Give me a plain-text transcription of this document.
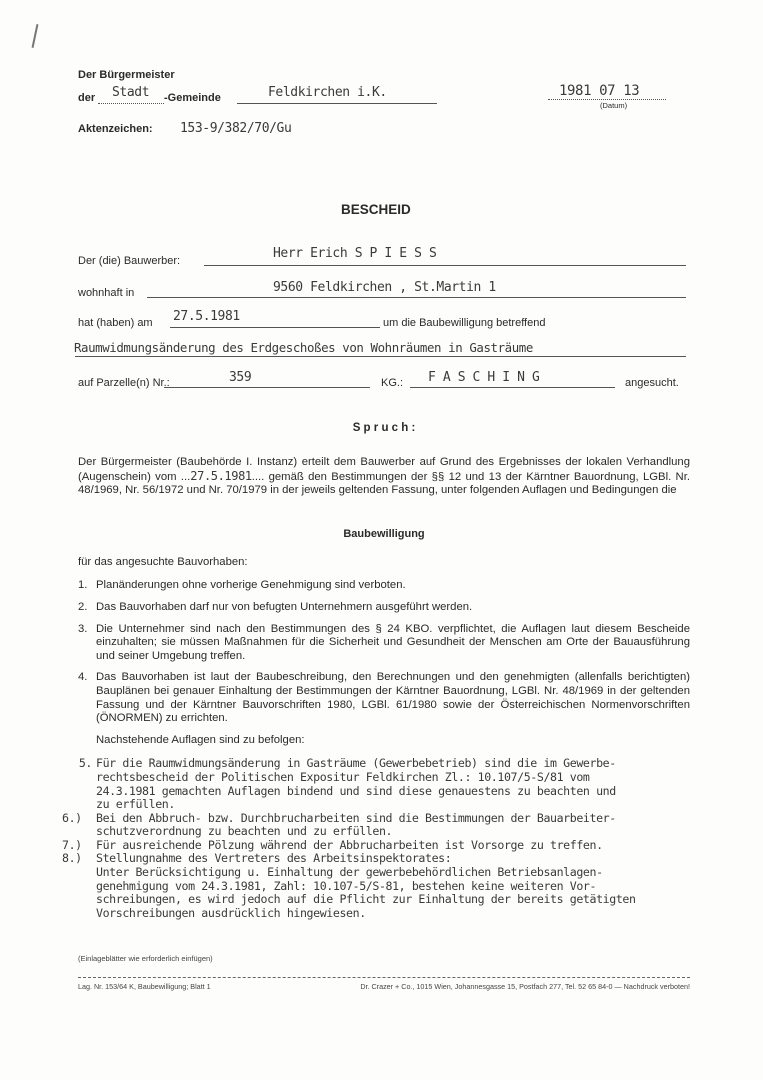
Der Bürgermeister
der Stadt -Gemeinde	Feldkirchen i.K.	1981 07 13
(Datum)
Aktenzeichen: 153-9/382/70/Gu
BESCHEID
Der (die) Bauwerber:	Herr Erich S P I E S S
wohnhaft in	9560 Feldkirchen , St.Martin 1
hat (haben) am 27.5.1981	um die Baubewilligung betreffend
Raumwidmungsänderung des Erdgeschoßes von Wohnräumen in Gasträume
auf Parzelle(n) Nr.:	359	KG.: F A S C H I N G	angesucht.
S p r u c h :
Der Bürgermeister (Baubehörde I. Instanz) erteilt dem Bauwerber auf Grund des Ergebnisses der lokalen Verhandlung (Augenschein) vom ...27.5.1981.... gemäß den Bestimmungen der §§ 12 und 13 der Kärntner Bauordnung, LGBl. Nr. 48/1969, Nr. 56/1972 und Nr. 70/1979 in der jeweils geltenden Fassung, unter folgenden Auflagen und Bedingungen die
Baubewilligung
für das angesuchte Bauvorhaben:
1. Planänderungen ohne vorherige Genehmigung sind verboten.
2. Das Bauvorhaben darf nur von befugten Unternehmern ausgeführt werden.
3. Die Unternehmer sind nach den Bestimmungen des § 24 KBO. verpflichtet, die Auflagen laut diesem Bescheide einzuhalten; sie müssen Maßnahmen für die Sicherheit und Gesundheit der Menschen am Orte der Bauausführung und seiner Umgebung treffen.
4. Das Bauvorhaben ist laut der Baubeschreibung, den Berechnungen und den genehmigten (allenfalls berichtigten) Bauplänen bei genauer Einhaltung der Bestimmungen der Kärntner Bauordnung, LGBl. Nr. 48/1969 in der geltenden Fassung und der Kärntner Bauvorschriften 1980, LGBl. 61/1980 sowie der Österreichischen Normenvorschriften (ÖNORMEN) zu errichten.
Nachstehende Auflagen sind zu befolgen:
5. Für die Raumwidmungsänderung in Gasträume (Gewerbebetrieb) sind die im Gewerbe-
rechtsbescheid der Politischen Expositur Feldkirchen Zl.: 10.107/5-S/81 vom
24.3.1981 gemachten Auflagen bindend und sind diese genauestens zu beachten und
zu erfüllen.
6.)	Bei den Abbruch- bzw. Durchbrucharbeiten sind die Bestimmungen der Bauarbeiter-
schutzverordnung zu beachten und zu erfüllen.
7.)	Für ausreichende Pölzung während der Abbrucharbeiten ist Vorsorge zu treffen.
8.)	Stellungnahme des Vertreters des Arbeitsinspektorates:
Unter Berücksichtigung u. Einhaltung der gewerbebehördlichen Betriebsanlagen-
genehmigung vom 24.3.1981, Zahl: 10.107-5/S-81, bestehen keine weiteren Vor-
schreibungen, es wird jedoch auf die Pflicht zur Einhaltung der bereits getätigten
Vorschreibungen ausdrücklich hingewiesen.
(Einlageblätter wie erforderlich einfügen)
Lag. Nr. 153/64 K, Baubewilligung; Blatt 1	Dr. Crazer + Co., 1015 Wien, Johannesgasse 15, Postfach 277, Tel. 52 65 84-0 — Nachdruck verboten!
